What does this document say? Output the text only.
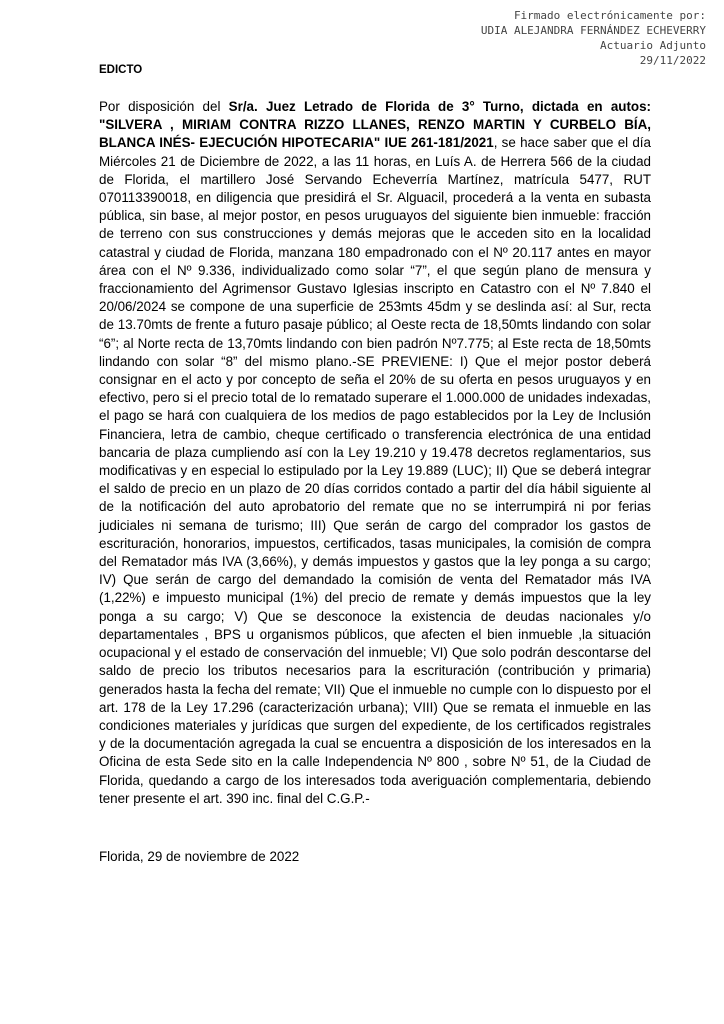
Firmado electrónicamente por:
UDIA ALEJANDRA FERNÁNDEZ ECHEVERRY
Actuario Adjunto
29/11/2022
EDICTO

Por disposición del Sr/a. Juez Letrado de Florida de 3° Turno, dictada en autos: "SILVERA , MIRIAM CONTRA RIZZO LLANES, RENZO MARTIN Y CURBELO BÍA, BLANCA INÉS- EJECUCIÓN HIPOTECARIA" IUE 261-181/2021, se hace saber que el día Miércoles 21 de Diciembre de 2022, a las 11 horas, en Luís A. de Herrera 566 de la ciudad de Florida, el martillero José Servando Echeverría Martínez, matrícula 5477, RUT 070113390018, en diligencia que presidirá el Sr. Alguacil, procederá a la venta en subasta pública, sin base, al mejor postor, en pesos uruguayos del siguiente bien inmueble: fracción de terreno con sus construcciones y demás mejoras que le acceden sito en la localidad catastral y ciudad de Florida, manzana 180 empadronado con el Nº 20.117 antes en mayor área con el Nº 9.336, individualizado como solar “7”, el que según plano de mensura y fraccionamiento del Agrimensor Gustavo Iglesias inscripto en Catastro con el Nº 7.840 el 20/06/2024 se compone de una superficie de 253mts 45dm y se deslinda así: al Sur, recta de 13.70mts de frente a futuro pasaje público; al Oeste recta de 18,50mts lindando con solar “6”; al Norte recta de 13,70mts lindando con bien padrón Nº7.775; al Este recta de 18,50mts lindando con solar “8” del mismo plano.-SE PREVIENE: I) Que el mejor postor deberá consignar en el acto y por concepto de seña el 20% de su oferta en pesos uruguayos y en efectivo, pero si el precio total de lo rematado superare el 1.000.000 de unidades indexadas, el pago se hará con cualquiera de los medios de pago establecidos por la Ley de Inclusión Financiera, letra de cambio, cheque certificado o transferencia electrónica de una entidad bancaria de plaza cumpliendo así con la Ley 19.210 y 19.478 decretos reglamentarios, sus modificativas y en especial lo estipulado por la Ley 19.889 (LUC); II) Que se deberá integrar el saldo de precio en un plazo de 20 días corridos contado a partir del día hábil siguiente al de la notificación del auto aprobatorio del remate que no se interrumpirá ni por ferias judiciales ni semana de turismo; III) Que serán de cargo del comprador los gastos de escrituración, honorarios, impuestos, certificados, tasas municipales, la comisión de compra del Rematador más IVA (3,66%), y demás impuestos y gastos que la ley ponga a su cargo; IV) Que serán de cargo del demandado la comisión de venta del Rematador más IVA (1,22%) e impuesto municipal (1%) del precio de remate y demás impuestos que la ley ponga a su cargo; V) Que se desconoce la existencia de deudas nacionales y/o departamentales , BPS u organismos públicos, que afecten el bien inmueble ,la situación ocupacional y el estado de conservación del inmueble; VI) Que solo podrán descontarse del saldo de precio los tributos necesarios para la escrituración (contribución y primaria) generados hasta la fecha del remate; VII) Que el inmueble no cumple con lo dispuesto por el art. 178 de la Ley 17.296 (caracterización urbana); VIII) Que se remata el inmueble en las condiciones materiales y jurídicas que surgen del expediente, de los certificados registrales y de la documentación agregada la cual se encuentra a disposición de los interesados en la Oficina de esta Sede sito en la calle Independencia Nº 800 , sobre Nº 51, de la Ciudad de Florida, quedando a cargo de los interesados toda averiguación complementaria, debiendo tener presente el art. 390 inc. final del C.G.P.-

Florida, 29 de noviembre de 2022
